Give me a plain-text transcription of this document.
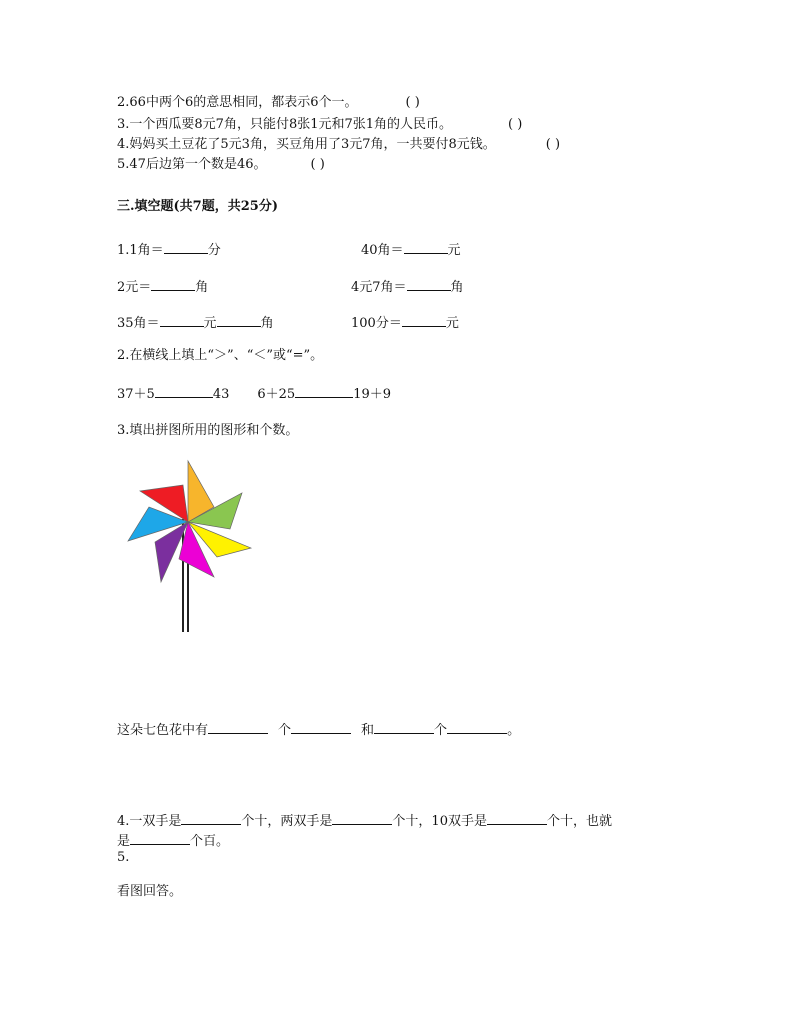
2.66中两个6的意思相同，都表示6个一。	( )
3.一个西瓜要8元7角，只能付8张1元和7张1角的人民币。	( )
4.妈妈买土豆花了5元3角，买豆角用了3元7角，一共要付8元钱。	( )
5.47后边第一个数是46。	( )
三.填空题(共7题，共25分)
1.1角＝	分	40角＝	元
2元＝	角	4元7角＝	角
35角＝	元	角	100分＝	元
2.在横线上填上“＞”、“＜”或“=”。
37＋5	43 6＋25	19＋9
3.填出拼图所用的图形和个数。
这朵七色花中有	个	和	个	。
4.一双手是	个十，两双手是	个十，10双手是	个十，也就
是	个百。
5.
看图回答。
